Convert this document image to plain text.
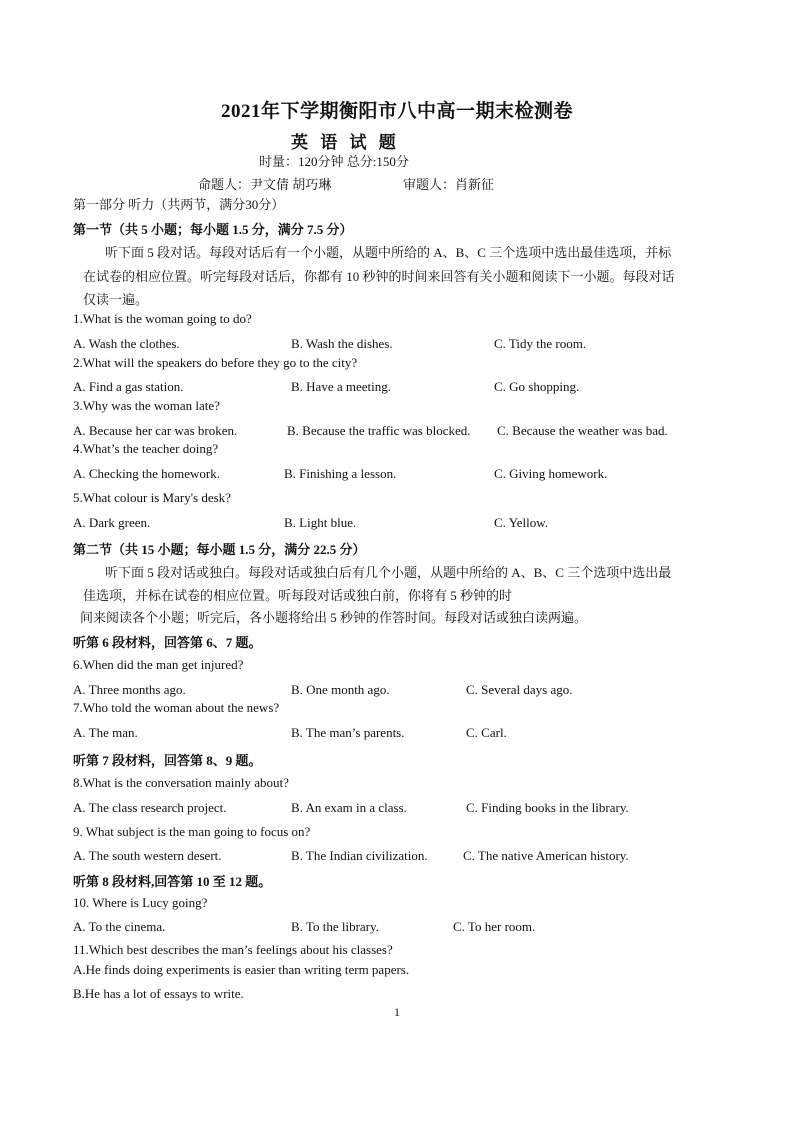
2021年下学期衡阳市八中高一期末检测卷
英 语 试 题
时量：120分钟 总分:150分
命题人：尹文倩 胡巧琳	审题人：肖新征
第一部分 听力（共两节，满分30分）
第一节（共 5 小题；每小题 1.5 分，满分 7.5 分）
听下面 5 段对话。每段对话后有一个小题，从题中所给的 A、B、C 三个选项中选出最佳选项，并标
在试卷的相应位置。听完每段对话后，你都有 10 秒钟的时间来回答有关小题和阅读下一小题。每段对话
仅读一遍。
1.What is the woman going to do?
A. Wash the clothes.	B. Wash the dishes.	C. Tidy the room.
2.What will the speakers do before they go to the city?
A. Find a gas station.	B. Have a meeting.	C. Go shopping.
3.Why was the woman late?
A. Because her car was broken.	B. Because the traffic was blocked. C. Because the weather was bad.
4.What’s the teacher doing?
A. Checking the homework.	B. Finishing a lesson.	C. Giving homework.
5.What colour is Mary's desk?
A. Dark green.	B. Light blue.	C. Yellow.
第二节（共 15 小题；每小题 1.5 分，满分 22.5 分）
听下面 5 段对话或独白。每段对话或独白后有几个小题，从题中所给的 A、B、C 三个选项中选出最
佳选项，并标在试卷的相应位置。听每段对话或独白前，你将有 5 秒钟的时
间来阅读各个小题；听完后，各小题将给出 5 秒钟的作答时间。每段对话或独白读两遍。
听第 6 段材料，回答第 6、7 题。
6.When did the man get injured?
A. Three months ago.	B. One month ago.	C. Several days ago.
7.Who told the woman about the news?
A. The man.	B. The man’s parents.	C. Carl.
听第 7 段材料，回答第 8、9 题。
8.What is the conversation mainly about?
A. The class research project.	B. An exam in a class.	C. Finding books in the library.
9. What subject is the man going to focus on?
A. The south western desert.	B. The Indian civilization.	C. The native American history.
听第 8 段材料,回答第 10 至 12 题。
10. Where is Lucy going?
A. To the cinema.	B. To the library.	C. To her room.
11.Which best describes the man’s feelings about his classes?
A.He finds doing experiments is easier than writing term papers.
B.He has a lot of essays to write.
1
